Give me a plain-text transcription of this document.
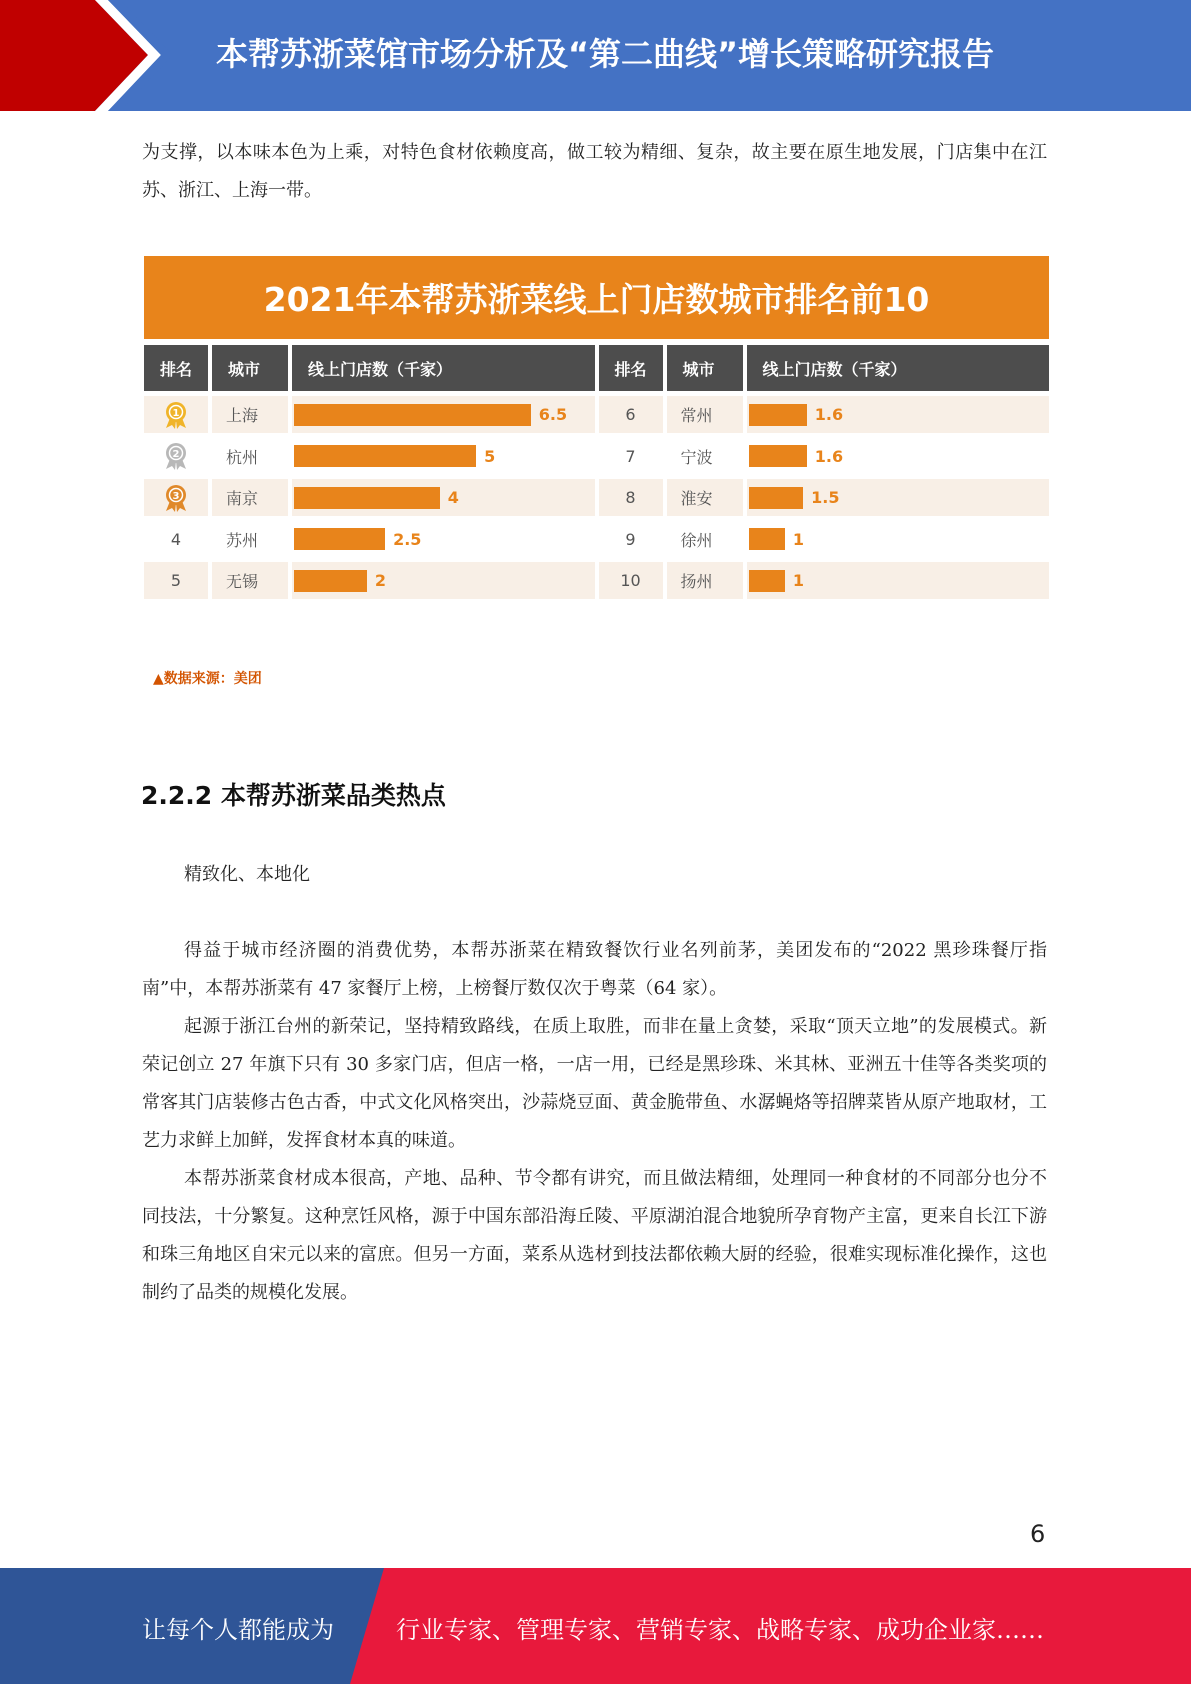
本帮苏浙菜馆市场分析及“第二曲线”增长策略研究报告
为支撑，以本味本色为上乘，对特色食材依赖度高，做工较为精细、复杂，故主要在原生地发展，门店集中在江苏、浙江、上海一带。
2021年本帮苏浙菜线上门店数城市排名前10
排名	城市	线上门店数（千家）
1	上海	6.5
2	杭州	5
3	南京	4
4	苏州	2.5
5	无锡	2
排名	城市	线上门店数（千家）
6	常州	1.6
7	宁波	1.6
8	淮安	1.5
9	徐州	1
10	扬州	1
▲数据来源：美团
2.2.2 本帮苏浙菜品类热点
精致化、本地化
得益于城市经济圈的消费优势，本帮苏浙菜在精致餐饮行业名列前茅，美团发布的“2022 黑珍珠餐厅指南”中，本帮苏浙菜有 47 家餐厅上榜，上榜餐厅数仅次于粤菜（64 家）。
起源于浙江台州的新荣记，坚持精致路线，在质上取胜，而非在量上贪婪，采取“顶天立地”的发展模式。新荣记创立 27 年旗下只有 30 多家门店，但店一格，一店一用，已经是黑珍珠、米其林、亚洲五十佳等各类奖项的常客其门店装修古色古香，中式文化风格突出，沙蒜烧豆面、黄金脆带鱼、水潺蝇烙等招牌菜皆从原产地取材，工艺力求鲜上加鲜，发挥食材本真的味道。
本帮苏浙菜食材成本很高，产地、品种、节令都有讲究，而且做法精细，处理同一种食材的不同部分也分不同技法，十分繁复。这种烹饪风格，源于中国东部沿海丘陵、平原湖泊混合地貌所孕育物产主富，更来自长江下游和珠三角地区自宋元以来的富庶。但另一方面，菜系从选材到技法都依赖大厨的经验，很难实现标准化操作，这也制约了品类的规模化发展。
6
让每个人都能成为	行业专家、管理专家、营销专家、战略专家、成功企业家……
